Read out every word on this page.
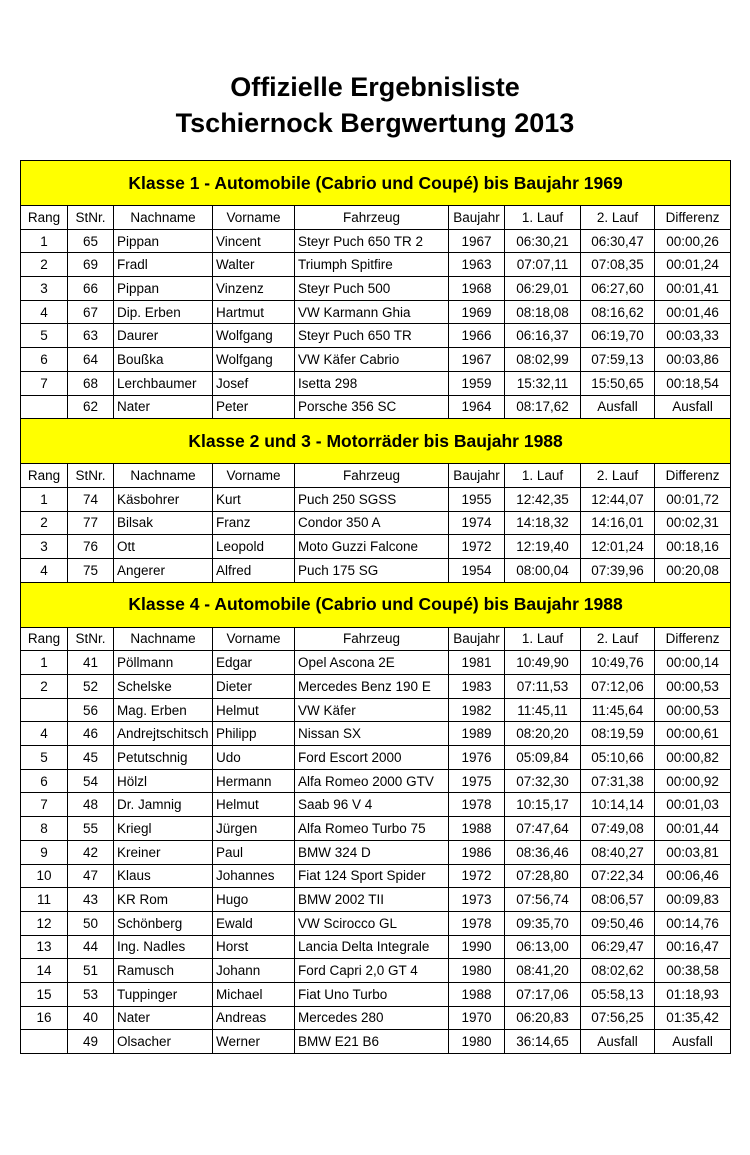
Offizielle Ergebnisliste
Tschiernock Bergwertung 2013
Klasse 1 - Automobile (Cabrio und Coupé) bis Baujahr 1969								
Rang	StNr.	Nachname	Vorname	Fahrzeug	Baujahr	1. Lauf	2. Lauf	Differenz
1	65	Pippan	Vincent	Steyr Puch 650 TR 2	1967	06:30,21	06:30,47	00:00,26
2	69	Fradl	Walter	Triumph Spitfire	1963	07:07,11	07:08,35	00:01,24
3	66	Pippan	Vinzenz	Steyr Puch 500	1968	06:29,01	06:27,60	00:01,41
4	67	Dip. Erben	Hartmut	VW Karmann Ghia	1969	08:18,08	08:16,62	00:01,46
5	63	Daurer	Wolfgang	Steyr Puch 650 TR	1966	06:16,37	06:19,70	00:03,33
6	64	Boußka	Wolfgang	VW Käfer Cabrio	1967	08:02,99	07:59,13	00:03,86
7	68	Lerchbaumer	Josef	Isetta 298	1959	15:32,11	15:50,65	00:18,54
	62	Nater	Peter	Porsche 356 SC	1964	08:17,62	Ausfall	Ausfall
Klasse 2 und 3 - Motorräder bis Baujahr 1988								
Rang	StNr.	Nachname	Vorname	Fahrzeug	Baujahr	1. Lauf	2. Lauf	Differenz
1	74	Käsbohrer	Kurt	Puch 250 SGSS	1955	12:42,35	12:44,07	00:01,72
2	77	Bilsak	Franz	Condor 350 A	1974	14:18,32	14:16,01	00:02,31
3	76	Ott	Leopold	Moto Guzzi Falcone	1972	12:19,40	12:01,24	00:18,16
4	75	Angerer	Alfred	Puch 175 SG	1954	08:00,04	07:39,96	00:20,08
Klasse 4 - Automobile (Cabrio und Coupé) bis Baujahr 1988								
Rang	StNr.	Nachname	Vorname	Fahrzeug	Baujahr	1. Lauf	2. Lauf	Differenz
1	41	Pöllmann	Edgar	Opel Ascona 2E	1981	10:49,90	10:49,76	00:00,14
2	52	Schelske	Dieter	Mercedes Benz 190 E	1983	07:11,53	07:12,06	00:00,53
	56	Mag. Erben	Helmut	VW Käfer	1982	11:45,11	11:45,64	00:00,53
4	46	Andrejtschitsch	Philipp	Nissan SX	1989	08:20,20	08:19,59	00:00,61
5	45	Petutschnig	Udo	Ford Escort 2000	1976	05:09,84	05:10,66	00:00,82
6	54	Hölzl	Hermann	Alfa Romeo 2000 GTV	1975	07:32,30	07:31,38	00:00,92
7	48	Dr. Jamnig	Helmut	Saab 96 V 4	1978	10:15,17	10:14,14	00:01,03
8	55	Kriegl	Jürgen	Alfa Romeo Turbo 75	1988	07:47,64	07:49,08	00:01,44
9	42	Kreiner	Paul	BMW 324 D	1986	08:36,46	08:40,27	00:03,81
10	47	Klaus	Johannes	Fiat 124 Sport Spider	1972	07:28,80	07:22,34	00:06,46
11	43	KR Rom	Hugo	BMW 2002 TII	1973	07:56,74	08:06,57	00:09,83
12	50	Schönberg	Ewald	VW Scirocco GL	1978	09:35,70	09:50,46	00:14,76
13	44	Ing. Nadles	Horst	Lancia Delta Integrale	1990	06:13,00	06:29,47	00:16,47
14	51	Ramusch	Johann	Ford Capri 2,0 GT 4	1980	08:41,20	08:02,62	00:38,58
15	53	Tuppinger	Michael	Fiat Uno Turbo	1988	07:17,06	05:58,13	01:18,93
16	40	Nater	Andreas	Mercedes 280	1970	06:20,83	07:56,25	01:35,42
	49	Olsacher	Werner	BMW E21 B6	1980	36:14,65	Ausfall	Ausfall
